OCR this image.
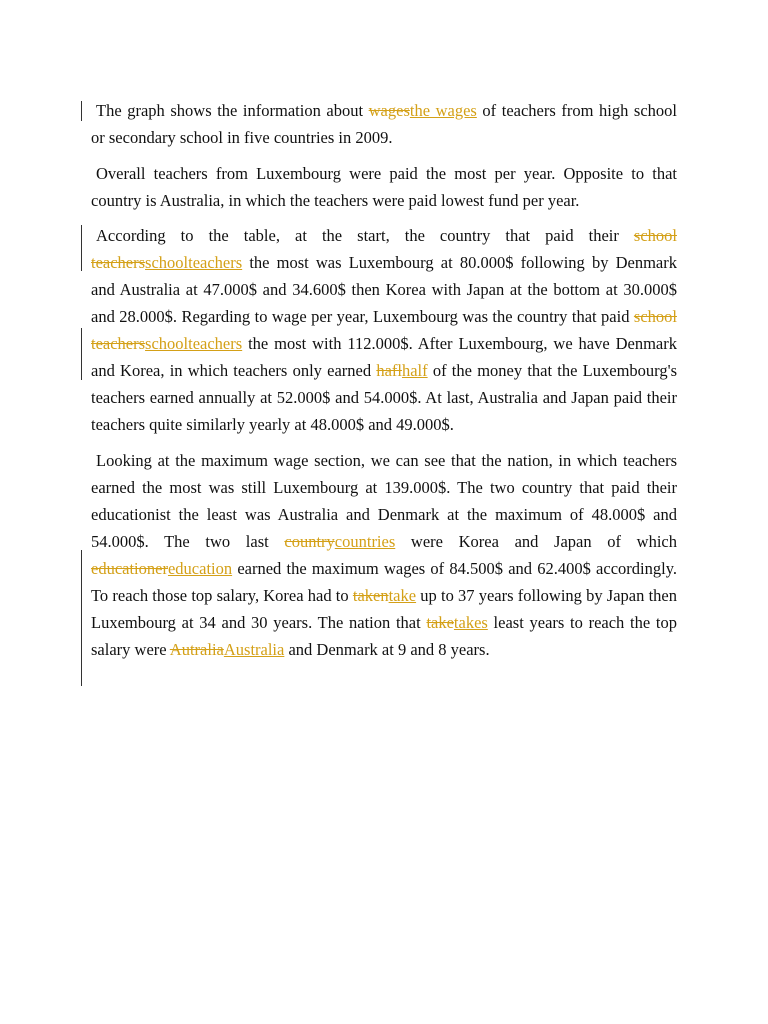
The graph shows the information about wagesthe wages of teachers from high school or secondary school in five countries in 2009.

Overall teachers from Luxembourg were paid the most per year. Opposite to that country is Australia, in which the teachers were paid lowest fund per year.

According to the table, at the start, the country that paid their school teachersschoolteachers the most was Luxembourg at 80.000$ following by Denmark and Australia at 47.000$ and 34.600$ then Korea with Japan at the bottom at 30.000$ and 28.000$. Regarding to wage per year, Luxembourg was the country that paid school teachersschoolteachers the most with 112.000$. After Luxembourg, we have Denmark and Korea, in which teachers only earned haflhalf of the money that the Luxembourg's teachers earned annually at 52.000$ and 54.000$. At last, Australia and Japan paid their teachers quite similarly yearly at 48.000$ and 49.000$.

Looking at the maximum wage section, we can see that the nation, in which teachers earned the most was still Luxembourg at 139.000$. The two country that paid their educationist the least was Australia and Denmark at the maximum of 48.000$ and 54.000$. The two last countrycountries were Korea and Japan of which educationereducation earned the maximum wages of 84.500$ and 62.400$ accordingly. To reach those top salary, Korea had to takentake up to 37 years following by Japan then Luxembourg at 34 and 30 years. The nation that taketakes least years to reach the top salary were AutraliaAustralia and Denmark at 9 and 8 years.
